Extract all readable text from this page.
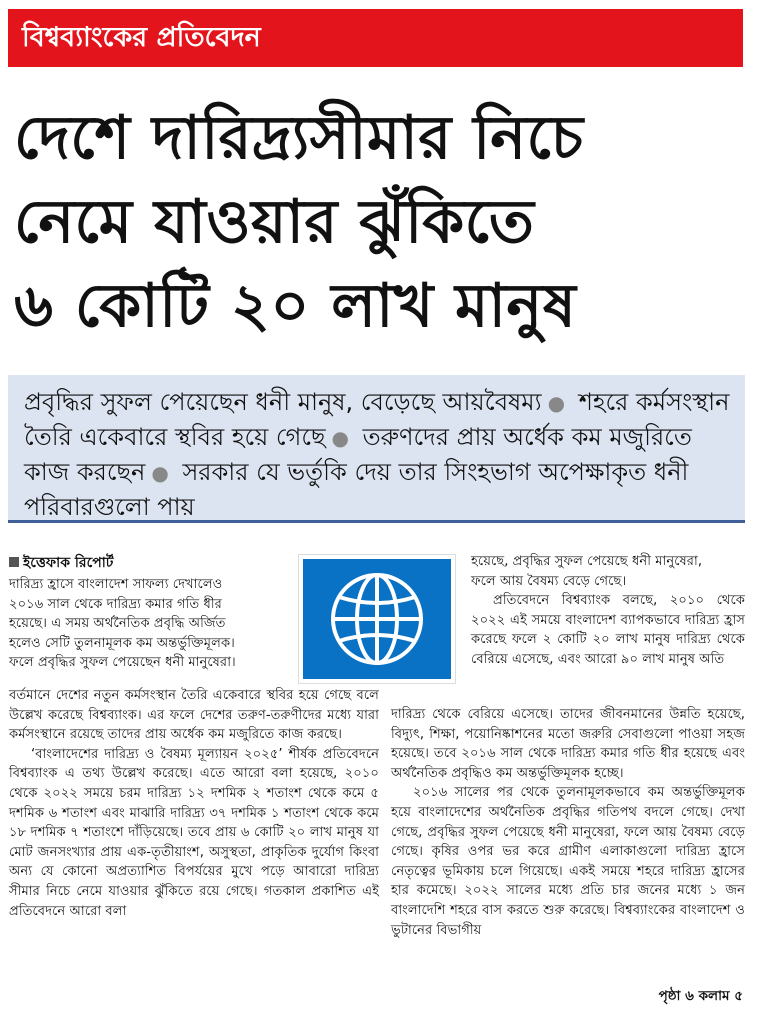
বিশ্বব্যাংকের প্রতিবেদন
দেশে দারিদ্র্যসীমার নিচে
নেমে যাওয়ার ঝুঁকিতে
৬ কোটি ২০ লাখ মানুষ
প্রবৃদ্ধির সুফল পেয়েছেন ধনী মানুষ, বেড়েছে আয়বৈষম্য ● শহরে কর্মসংস্থান তৈরি একেবারে স্থবির হয়ে গেছে ● তরুণদের প্রায় অর্ধেক কম মজুরিতে কাজ করছেন ● সরকার যে ভর্তুকি দেয় তার সিংহভাগ অপেক্ষাকৃত ধনী পরিবারগুলো পায়
ইত্তেফাক রিপোর্ট
দারিদ্র্য হ্রাসে বাংলাদেশ সাফল্য দেখালেও
২০১৬ সাল থেকে দারিদ্র্য কমার গতি ধীর
হয়েছে। এ সময় অর্থনৈতিক প্রবৃদ্ধি অর্জিত
হলেও সেটি তুলনামূলক কম অন্তর্ভুক্তিমূলক।
ফলে প্রবৃদ্ধির সুফল পেয়েছেন ধনী মানুষেরা।

বর্তমানে দেশের নতুন কর্মসংস্থান তৈরি একেবারে স্থবির হয়ে গেছে বলে উল্লেখ করেছে বিশ্বব্যাংক। এর ফলে দেশের তরুণ-তরুণীদের মধ্যে যারা কর্মসংস্থানে রয়েছে তাদের প্রায় অর্ধেক কম মজুরিতে কাজ করছে।

‘বাংলাদেশের দারিদ্র্য ও বৈষম্য মূল্যায়ন ২০২৫’ শীর্ষক প্রতিবেদনে বিশ্বব্যাংক এ তথ্য উল্লেখ করেছে। এতে আরো বলা হয়েছে, ২০১০ থেকে ২০২২ সময়ে চরম দারিদ্র্য ১২ দশমিক ২ শতাংশ থেকে কমে ৫ দশমিক ৬ শতাংশ এবং মাঝারি দারিদ্র্য ৩৭ দশমিক ১ শতাংশ থেকে কমে ১৮ দশমিক ৭ শতাংশে দাঁড়িয়েছে। তবে প্রায় ৬ কোটি ২০ লাখ মানুষ যা মোট জনসংখ্যার প্রায় এক-তৃতীয়াংশ, অসুস্থতা, প্রাকৃতিক দুর্যোগ কিংবা অন্য যে কোনো অপ্রত্যাশিত বিপর্যয়ের মুখে পড়ে আবারো দারিদ্র্য সীমার নিচে নেমে যাওয়ার ঝুঁকিতে রয়ে গেছে। গতকাল প্রকাশিত এই প্রতিবেদনে আরো বলা

হয়েছে, প্রবৃদ্ধির সুফল পেয়েছে ধনী মানুষেরা,
ফলে আয় বৈষম্য বেড়ে গেছে।

প্রতিবেদনে বিশ্বব্যাংক বলছে, ২০১০ থেকে ২০২২ এই সময়ে বাংলাদেশ ব্যাপকভাবে দারিদ্র্য হ্রাস করেছে ফলে ২ কোটি ২০ লাখ মানুষ দারিদ্র্য থেকে বেরিয়ে এসেছে, এবং আরো ৯০ লাখ মানুষ অতি

দারিদ্র্য থেকে বেরিয়ে এসেছে। তাদের জীবনমানের উন্নতি হয়েছে, বিদ্যুৎ, শিক্ষা, পয়োনিষ্কাশনের মতো জরুরি সেবাগুলো পাওয়া সহজ হয়েছে। তবে ২০১৬ সাল থেকে দারিদ্র্য কমার গতি ধীর হয়েছে এবং অর্থনৈতিক প্রবৃদ্ধিও কম অন্তর্ভুক্তিমূলক হচ্ছে।

২০১৬ সালের পর থেকে তুলনামূলকভাবে কম অন্তর্ভুক্তিমূলক হয়ে বাংলাদেশের অর্থনৈতিক প্রবৃদ্ধির গতিপথ বদলে গেছে। দেখা গেছে, প্রবৃদ্ধির সুফল পেয়েছে ধনী মানুষেরা, ফলে আয় বৈষম্য বেড়ে গেছে। কৃষির ওপর ভর করে গ্রামীণ এলাকাগুলো দারিদ্র্য হ্রাসে নেতৃত্বের ভূমিকায় চলে গিয়েছে। একই সময়ে শহরে দারিদ্র্য হ্রাসের হার কমেছে। ২০২২ সালের মধ্যে প্রতি চার জনের মধ্যে ১ জন বাংলাদেশি শহরে বাস করতে শুরু করেছে। বিশ্বব্যাংকের বাংলাদেশ ও ভুটানের বিভাগীয়

পৃষ্ঠা ৬ কলাম ৫
